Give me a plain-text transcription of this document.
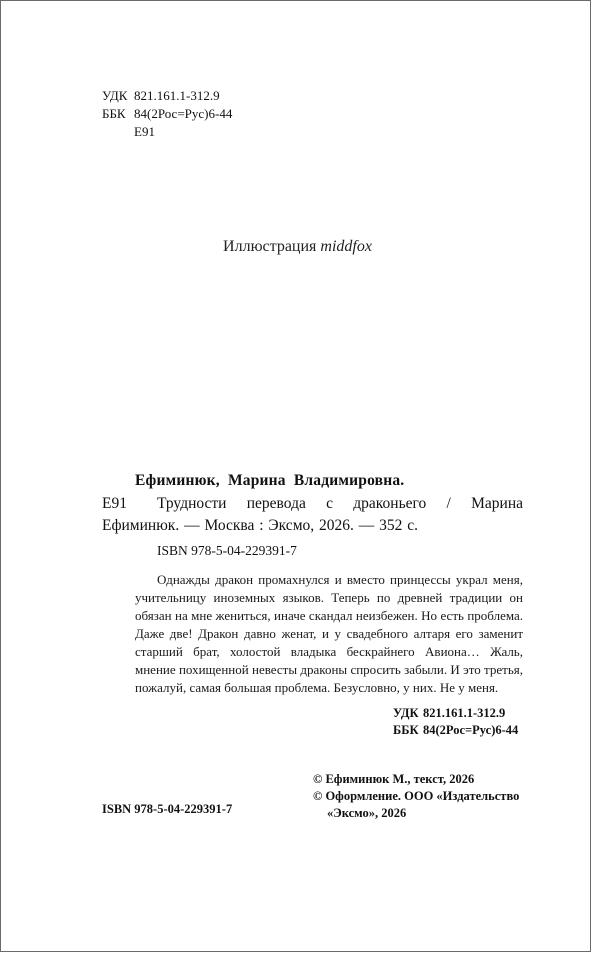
УДК 821.161.1-312.9
ББК 84(2Рос=Рус)6-44
Е91
Иллюстрация middfox
Ефиминюк, Марина Владимировна.
Е91	Трудности перевода с драконьего / Марина Ефиминюк. — Москва : Эксмо, 2026. — 352 с.
ISBN 978-5-04-229391-7
Однажды дракон промахнулся и вместо принцессы украл меня, учительницу иноземных языков. Теперь по древней традиции он обязан на мне жениться, иначе скандал неизбежен. Но есть проблема. Даже две! Дракон давно женат, и у свадебного алтаря его заменит старший брат, холостой владыка бескрайнего Авиона… Жаль, мнение похищенной невесты драконы спросить забыли. И это третья, пожалуй, самая большая проблема. Безусловно, у них. Не у меня.
УДК 821.161.1-312.9
ББК 84(2Рос=Рус)6-44
© Ефиминюк М., текст, 2026
© Оформление. ООО «Издательство
«Эксмо», 2026
ISBN 978-5-04-229391-7
